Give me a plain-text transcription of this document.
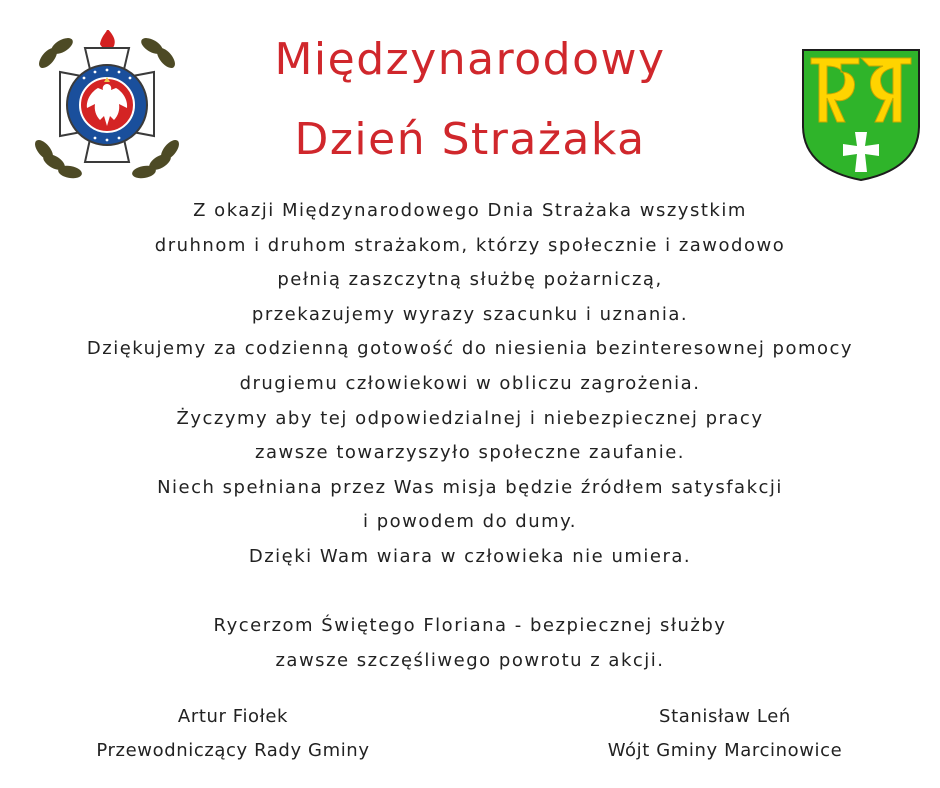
Międzynarodowy
Dzień Strażaka
Z okazji Międzynarodowego Dnia Strażaka wszystkim
druhnom i druhom strażakom, którzy społecznie i zawodowo
pełnią zaszczytną służbę pożarniczą,
przekazujemy wyrazy szacunku i uznania.
Dziękujemy za codzienną gotowość do niesienia bezinteresownej pomocy
drugiemu człowiekowi w obliczu zagrożenia.
Życzymy aby tej odpowiedzialnej i niebezpiecznej pracy
zawsze towarzyszyło społeczne zaufanie.
Niech spełniana przez Was misja będzie źródłem satysfakcji
i powodem do dumy.
Dzięki Wam wiara w człowieka nie umiera.
Rycerzom Świętego Floriana - bezpiecznej służby
zawsze szczęśliwego powrotu z akcji.
Artur Fiołek
Przewodniczący Rady Gminy
Stanisław Leń
Wójt Gminy Marcinowice
